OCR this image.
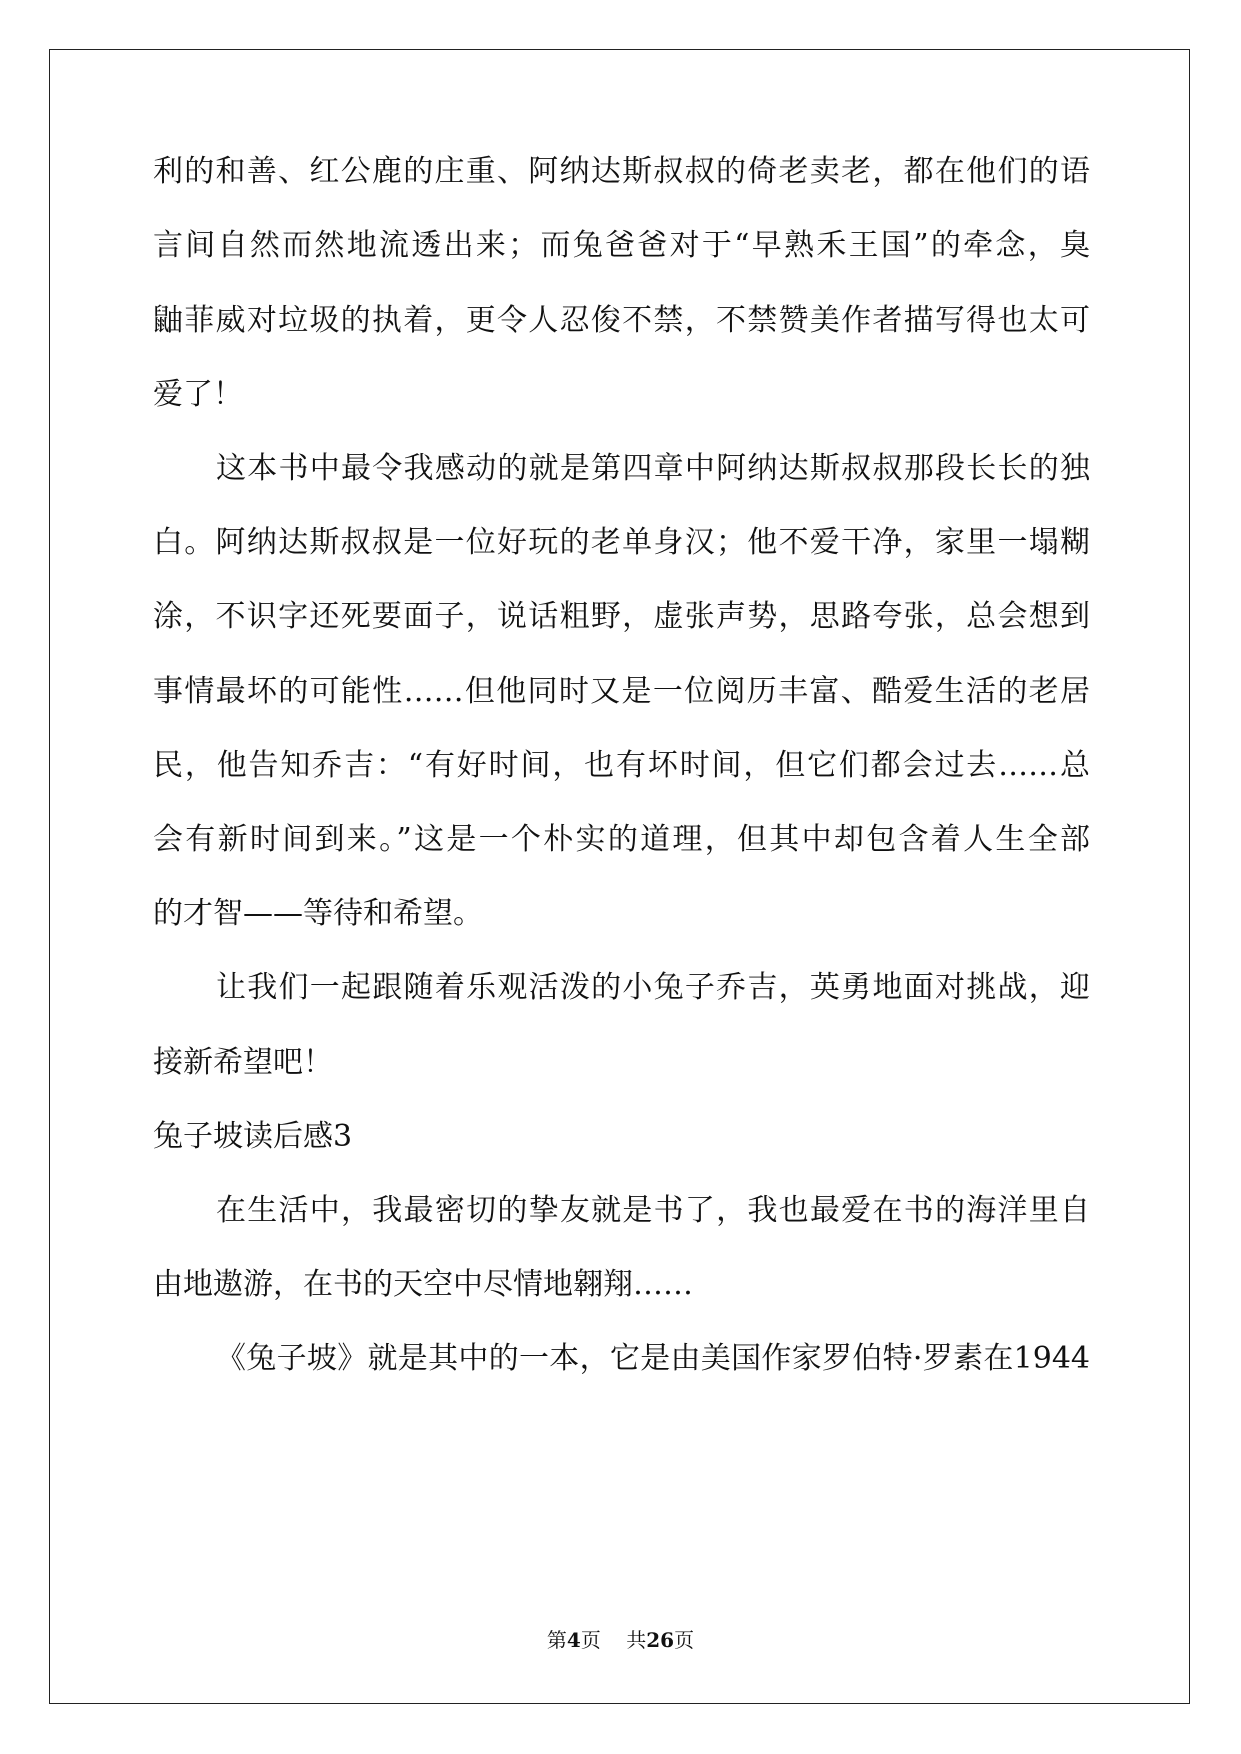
利的和善、红公鹿的庄重、阿纳达斯叔叔的倚老卖老，都在他们的语
言间自然而然地流透出来；而兔爸爸对于“早熟禾王国”的牵念，臭
鼬菲威对垃圾的执着，更令人忍俊不禁，不禁赞美作者描写得也太可
爱了！
这本书中最令我感动的就是第四章中阿纳达斯叔叔那段长长的独
白。阿纳达斯叔叔是一位好玩的老单身汉；他不爱干净，家里一塌糊
涂，不识字还死要面子，说话粗野，虚张声势，思路夸张，总会想到
事情最坏的可能性……但他同时又是一位阅历丰富、酷爱生活的老居
民，他告知乔吉：“有好时间，也有坏时间，但它们都会过去……总
会有新时间到来。”这是一个朴实的道理，但其中却包含着人生全部
的才智——等待和希望。
让我们一起跟随着乐观活泼的小兔子乔吉，英勇地面对挑战，迎
接新希望吧！
兔子坡读后感3
在生活中，我最密切的挚友就是书了，我也最爱在书的海洋里自
由地遨游，在书的天空中尽情地翱翔……
《兔子坡》就是其中的一本，它是由美国作家罗伯特·罗素在1944
第4页    共26页
